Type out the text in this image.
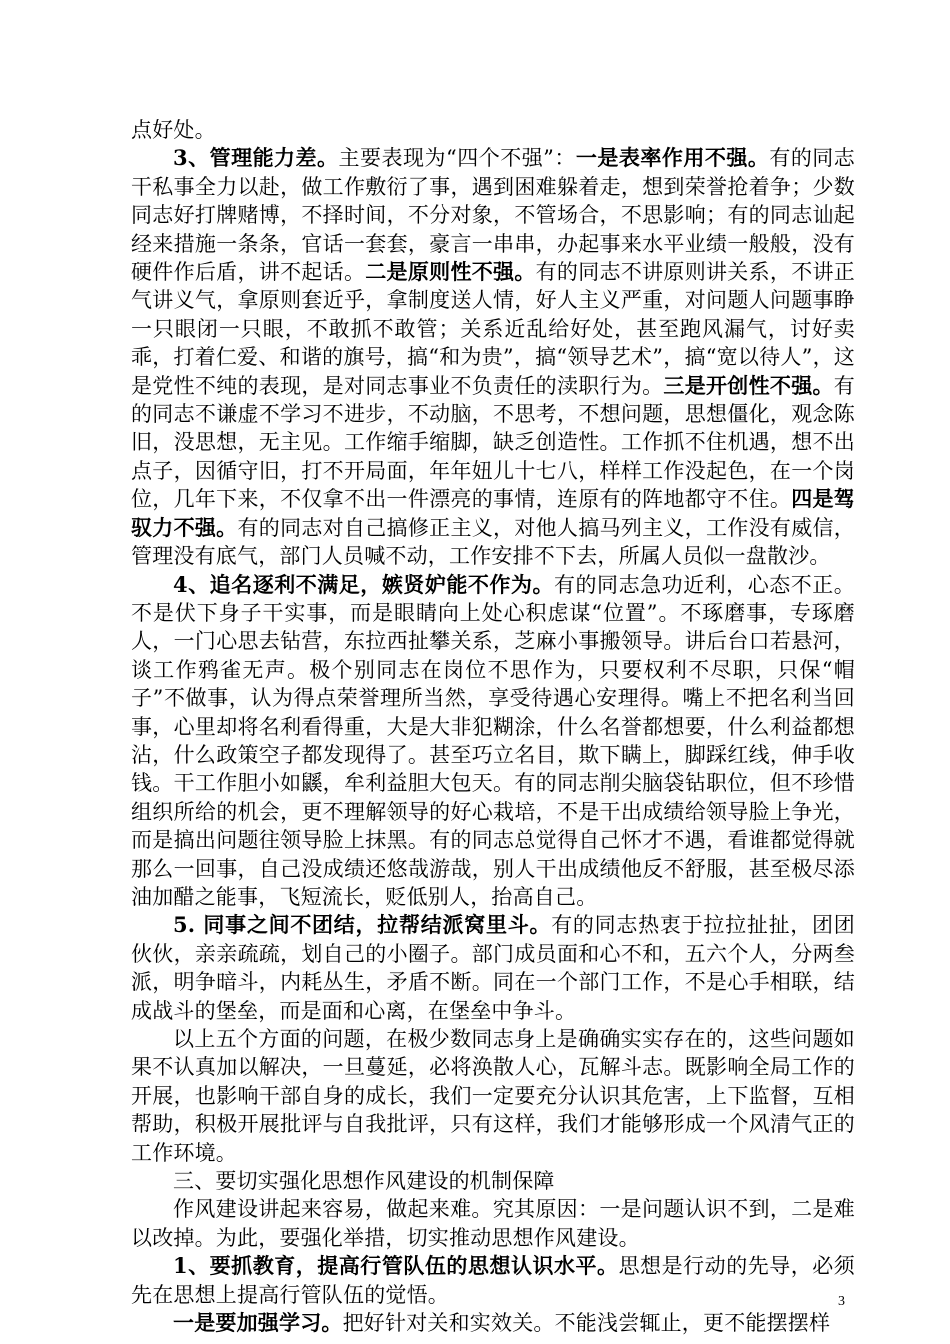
点好处。

3、管理能力差。主要表现为“四个不强”：一是表率作用不强。有的同志干私事全力以赴，做工作敷衍了事，遇到困难躲着走，想到荣誉抢着争；少数同志好打牌赌博，不择时间，不分对象，不管场合，不思影响；有的同志讪起经来措施一条条，官话一套套，豪言一串串，办起事来水平业绩一般般，没有硬件作后盾，讲不起话。二是原则性不强。有的同志不讲原则讲关系，不讲正气讲义气，拿原则套近乎，拿制度送人情，好人主义严重，对问题人问题事睁一只眼闭一只眼，不敢抓不敢管；关系近乱给好处，甚至跑风漏气，讨好卖乖，打着仁爱、和谐的旗号，搞“和为贵”，搞“领导艺术”，搞“宽以待人”，这是党性不纯的表现，是对同志事业不负责任的渎职行为。三是开创性不强。有的同志不谦虚不学习不进步，不动脑，不思考，不想问题，思想僵化，观念陈旧，没思想，无主见。工作缩手缩脚，缺乏创造性。工作抓不住机遇，想不出点子，因循守旧，打不开局面，年年妞儿十七八，样样工作没起色，在一个岗位，几年下来，不仅拿不出一件漂亮的事情，连原有的阵地都守不住。四是驾驭力不强。有的同志对自己搞修正主义，对他人搞马列主义，工作没有威信，管理没有底气，部门人员喊不动，工作安排不下去，所属人员似一盘散沙。

4、追名逐利不满足，嫉贤妒能不作为。有的同志急功近利，心态不正。不是伏下身子干实事，而是眼睛向上处心积虑谋“位置”。不琢磨事，专琢磨人，一门心思去钻营，东拉西扯攀关系，芝麻小事搬领导。讲后台口若悬河，谈工作鸦雀无声。极个别同志在岗位不思作为，只要权利不尽职，只保“帽子”不做事，认为得点荣誉理所当然，享受待遇心安理得。嘴上不把名利当回事，心里却将名利看得重，大是大非犯糊涂，什么名誉都想要，什么利益都想沾，什么政策空子都发现得了。甚至巧立名目，欺下瞒上，脚踩红线，伸手收钱。干工作胆小如鼷，牟利益胆大包天。有的同志削尖脑袋钻职位，但不珍惜组织所给的机会，更不理解领导的好心栽培，不是干出成绩给领导脸上争光，而是搞出问题往领导脸上抹黑。有的同志总觉得自己怀才不遇，看谁都觉得就那么一回事，自己没成绩还悠哉游哉，别人干出成绩他反不舒服，甚至极尽添油加醋之能事，飞短流长，贬低别人，抬高自己。

5. 同事之间不团结，拉帮结派窝里斗。有的同志热衷于拉拉扯扯，团团伙伙，亲亲疏疏，划自己的小圈子。部门成员面和心不和，五六个人，分两叁派，明争暗斗，内耗丛生，矛盾不断。同在一个部门工作，不是心手相联，结成战斗的堡垒，而是面和心离，在堡垒中争斗。

以上五个方面的问题，在极少数同志身上是确确实实存在的，这些问题如果不认真加以解决，一旦蔓延，必将涣散人心，瓦解斗志。既影响全局工作的开展，也影响干部自身的成长，我们一定要充分认识其危害，上下监督，互相帮助，积极开展批评与自我批评，只有这样，我们才能够形成一个风清气正的工作环境。

三、要切实强化思想作风建设的机制保障

作风建设讲起来容易，做起来难。究其原因：一是问题认识不到，二是难以改掉。为此，要强化举措，切实推动思想作风建设。

1、要抓教育，提高行管队伍的思想认识水平。思想是行动的先导，必须先在思想上提高行管队伍的觉悟。

一是要加强学习。把好针对关和实效关。不能浅尝辄止，更不能摆摆样

3
